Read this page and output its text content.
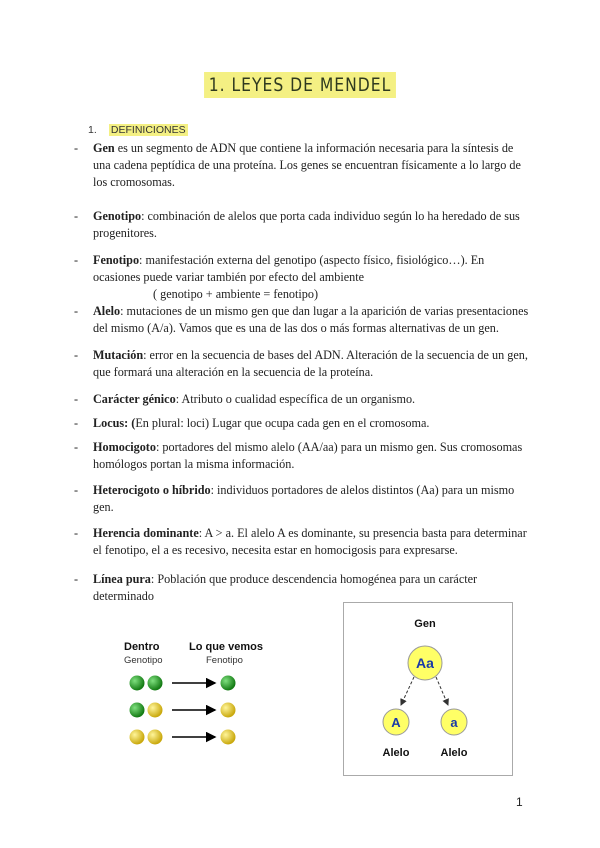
1. LEYES DE MENDEL
1. DEFINICIONES
- Gen es un segmento de ADN que contiene la información necesaria para la síntesis de una cadena peptídica de una proteína. Los genes se encuentran físicamente a lo largo de los cromosomas.
- Genotipo: combinación de alelos que porta cada individuo según lo ha heredado de sus progenitores.
- Fenotipo: manifestación externa del genotipo (aspecto físico, fisiológico…). En ocasiones puede variar también por efecto del ambiente
( genotipo + ambiente = fenotipo)
- Alelo: mutaciones de un mismo gen que dan lugar a la aparición de varias presentaciones del mismo (A/a). Vamos que es una de las dos o más formas alternativas de un gen.
- Mutación: error en la secuencia de bases del ADN. Alteración de la secuencia de un gen, que formará una alteración en la secuencia de la proteína.
- Carácter génico: Atributo o cualidad específica de un organismo.
- Locus: (En plural: loci) Lugar que ocupa cada gen en el cromosoma.
- Homocigoto: portadores del mismo alelo (AA/aa) para un mismo gen. Sus cromosomas homólogos portan la misma información.
- Heterocigoto o híbrido: individuos portadores de alelos distintos (Aa) para un mismo gen.
- Herencia dominante: A > a. El alelo A es dominante, su presencia basta para determinar el fenotipo, el a es recesivo, necesita estar en homocigosis para expresarse.
- Línea pura: Población que produce descendencia homogénea para un carácter determinado
Dentro
Genotipo
Lo que vemos
Fenotipo
Gen
Aa
A	a
Alelo	Alelo
1
